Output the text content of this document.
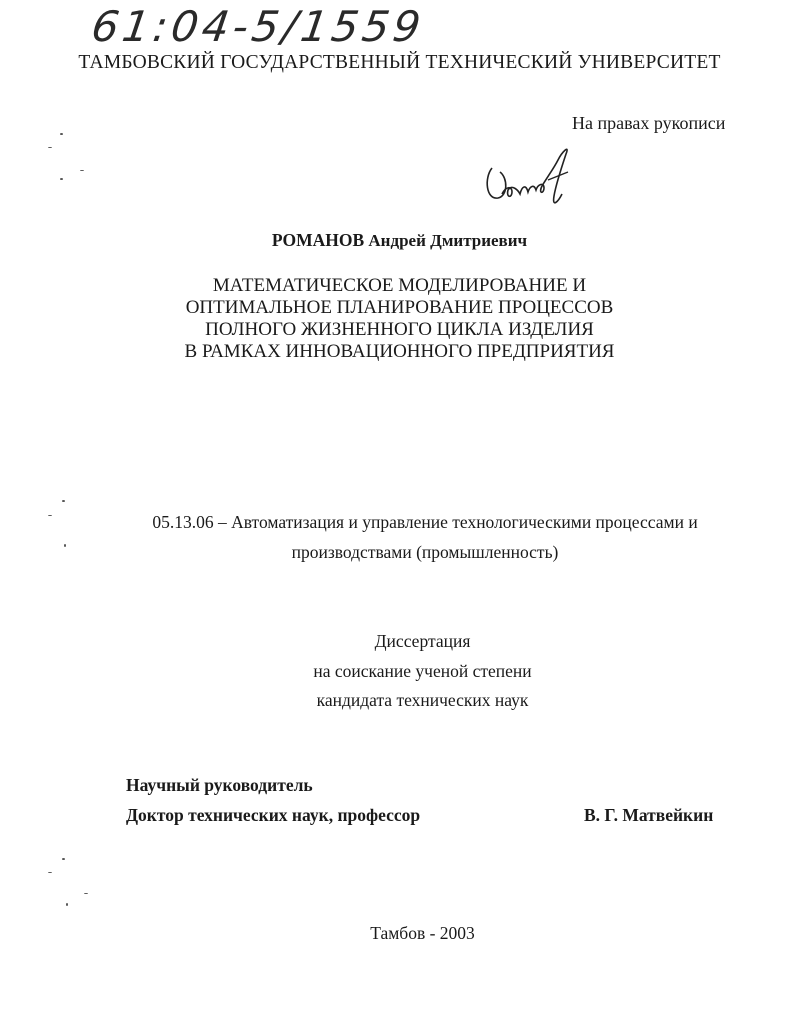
61:04-5/1559
ТАМБОВСКИЙ ГОСУДАРСТВЕННЫЙ ТЕХНИЧЕСКИЙ УНИВЕРСИТЕТ
На правах рукописи
РОМАНОВ Андрей Дмитриевич
МАТЕМАТИЧЕСКОЕ МОДЕЛИРОВАНИЕ И
ОПТИМАЛЬНОЕ ПЛАНИРОВАНИЕ ПРОЦЕССОВ
ПОЛНОГО ЖИЗНЕННОГО ЦИКЛА ИЗДЕЛИЯ
В РАМКАХ ИННОВАЦИОННОГО ПРЕДПРИЯТИЯ
05.13.06 – Автоматизация и управление технологическими процессами и
производствами (промышленность)
Диссертация
на соискание ученой степени
кандидата технических наук
Научный руководитель
Доктор технических наук, профессор	В. Г. Матвейкин
Тамбов - 2003
